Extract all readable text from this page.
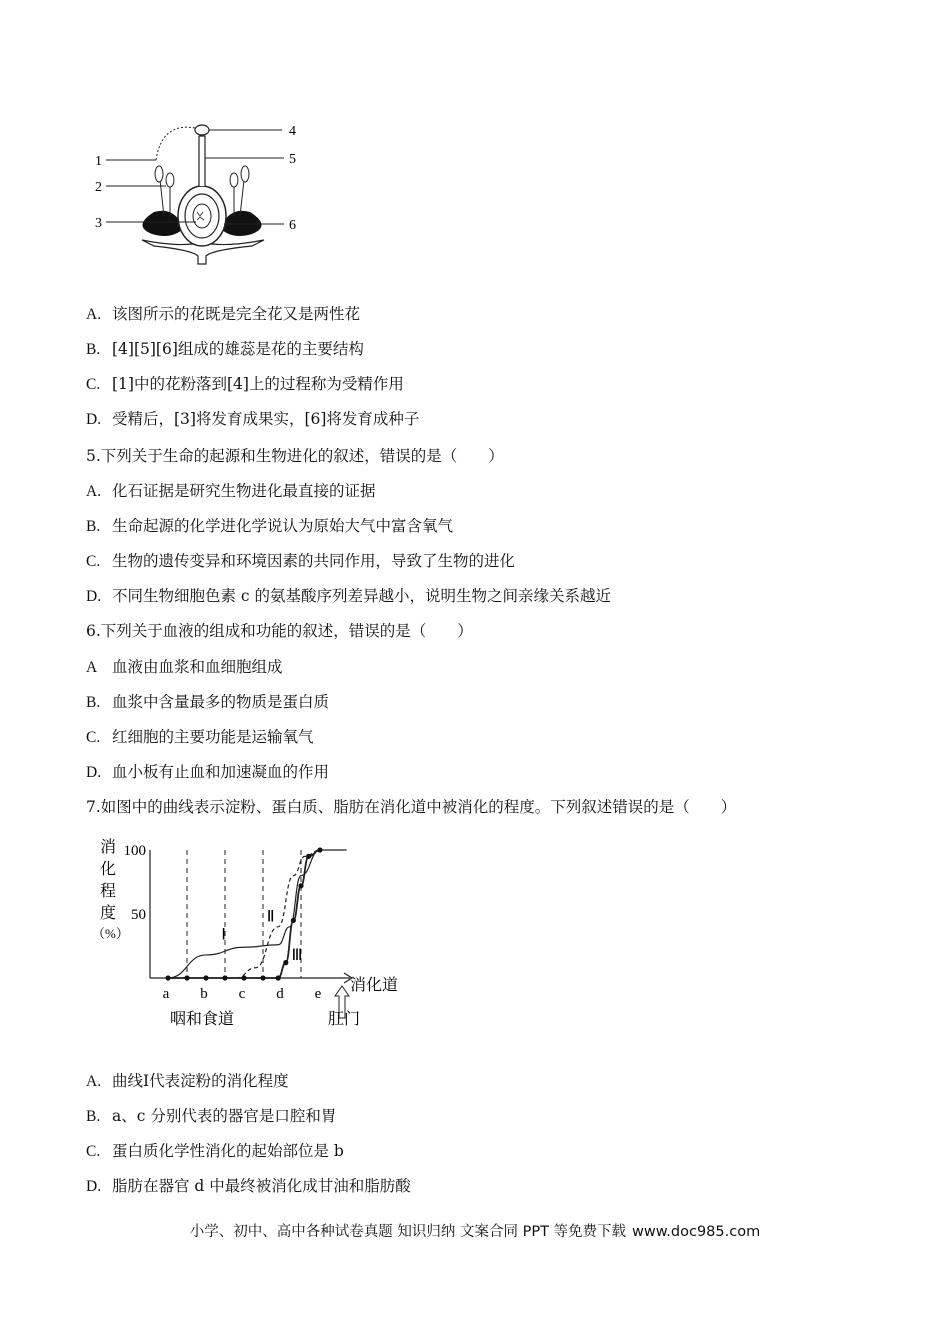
1
2
3
4
5
6
A. 该图所示的花既是完全花又是两性花
B. [4][5][6]组成的雄蕊是花的主要结构
C. [1]中的花粉落到[4]上的过程称为受精作用
D. 受精后，[3]将发育成果实，[6]将发育成种子
5.下列关于生命的起源和生物进化的叙述，错误的是（　　）
A. 化石证据是研究生物进化最直接的证据
B. 生命起源的化学进化学说认为原始大气中富含氧气
C. 生物的遗传变异和环境因素的共同作用，导致了生物的进化
D. 不同生物细胞色素 c 的氨基酸序列差异越小，说明生物之间亲缘关系越近
6.下列关于血液的组成和功能的叙述，错误的是（　　）
A 血液由血浆和血细胞组成
B. 血浆中含量最多的物质是蛋白质
C. 红细胞的主要功能是运输氧气
D. 血小板有止血和加速凝血的作用
7.如图中的曲线表示淀粉、蛋白质、脂肪在消化道中被消化的程度。下列叙述错误的是（　　）
消
化
程
度
（%）
50
100
a b c d e
Ⅰ
Ⅱ
Ⅲ
消化道
咽和食道	肛门
A. 曲线Ⅰ代表淀粉的消化程度
B. a、c 分别代表的器官是口腔和胃
C. 蛋白质化学性消化的起始部位是 b
D. 脂肪在器官 d 中最终被消化成甘油和脂肪酸
小学、初中、高中各种试卷真题 知识归纳 文案合同 PPT 等免费下载 www.doc985.com
